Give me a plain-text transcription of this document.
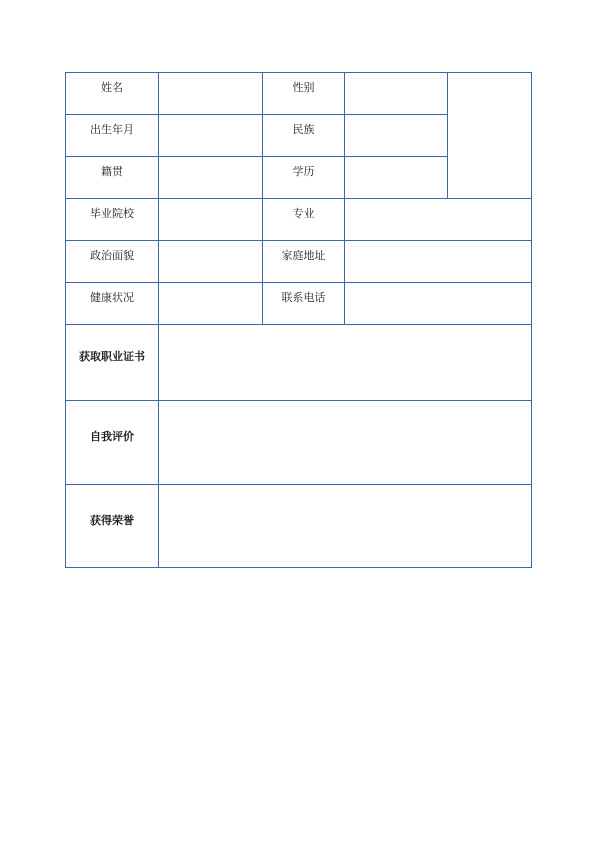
姓名		性别		
出生年月		民族		
籍贯		学历		
毕业院校		专业		
政治面貌		家庭地址		
健康状况		联系电话		
获取职业证书				
自我评价				
获得荣誉				
